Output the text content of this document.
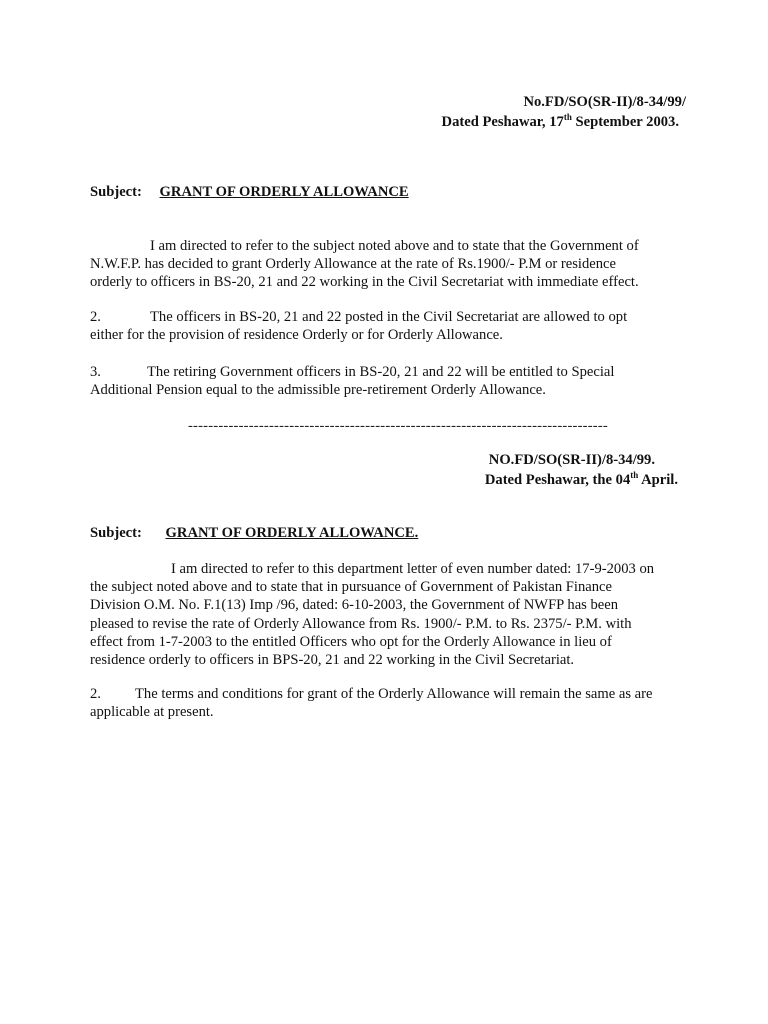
No.FD/SO(SR-II)/8-34/99/
Dated Peshawar, 17th September 2003.
Subject: GRANT OF ORDERLY ALLOWANCE

I am directed to refer to the subject noted above and to state that the Government of

N.W.F.P. has decided to grant Orderly Allowance at the rate of Rs.1900/- P.M or residence

orderly to officers in BS-20, 21 and 22 working in the Civil Secretariat with immediate effect.

2.	The officers in BS-20, 21 and 22 posted in the Civil Secretariat are allowed to opt

either for the provision of residence Orderly or for Orderly Allowance.

3.	The retiring Government officers in BS-20, 21 and 22 will be entitled to Special

Additional Pension equal to the admissible pre-retirement Orderly Allowance.

-----------------------------------------------------------------------------------
NO.FD/SO(SR-II)/8-34/99.
Dated Peshawar, the 04th April.
Subject: GRANT OF ORDERLY ALLOWANCE.

I am directed to refer to this department letter of even number dated: 17-9-2003 on

the subject noted above and to state that in pursuance of Government of Pakistan Finance

Division O.M. No. F.1(13) Imp /96, dated: 6-10-2003, the Government of NWFP has been

pleased to revise the rate of Orderly Allowance from Rs. 1900/- P.M. to Rs. 2375/- P.M. with

effect from 1-7-2003 to the entitled Officers who opt for the Orderly Allowance in lieu of

residence orderly to officers in BPS-20, 21 and 22 working in the Civil Secretariat.

2. The terms and conditions for grant of the Orderly Allowance will remain the same as are

applicable at present.
